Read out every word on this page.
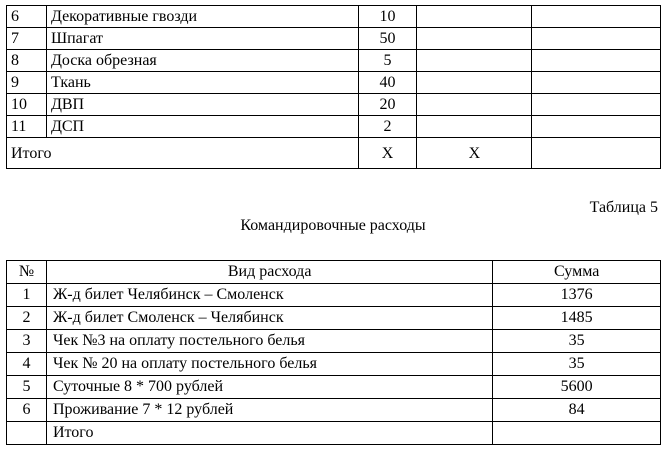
6	Декоративные гвозди	10		
7	Шпагат	50		
8	Доска обрезная	5		
9	Ткань	40		
10	ДВП	20		
11	ДСП	2		
Итого		X	X	

Таблица 5

Командировочные расходы
№	Вид расхода	Сумма
1	Ж-д билет Челябинск – Смоленск	1376
2	Ж-д билет Смоленск – Челябинск	1485
3	Чек №3 на оплату постельного белья	35
4	Чек № 20 на оплату постельного белья	35
5	Суточные 8 * 700 рублей	5600
6	Проживание 7 * 12 рублей	84
	Итого	
